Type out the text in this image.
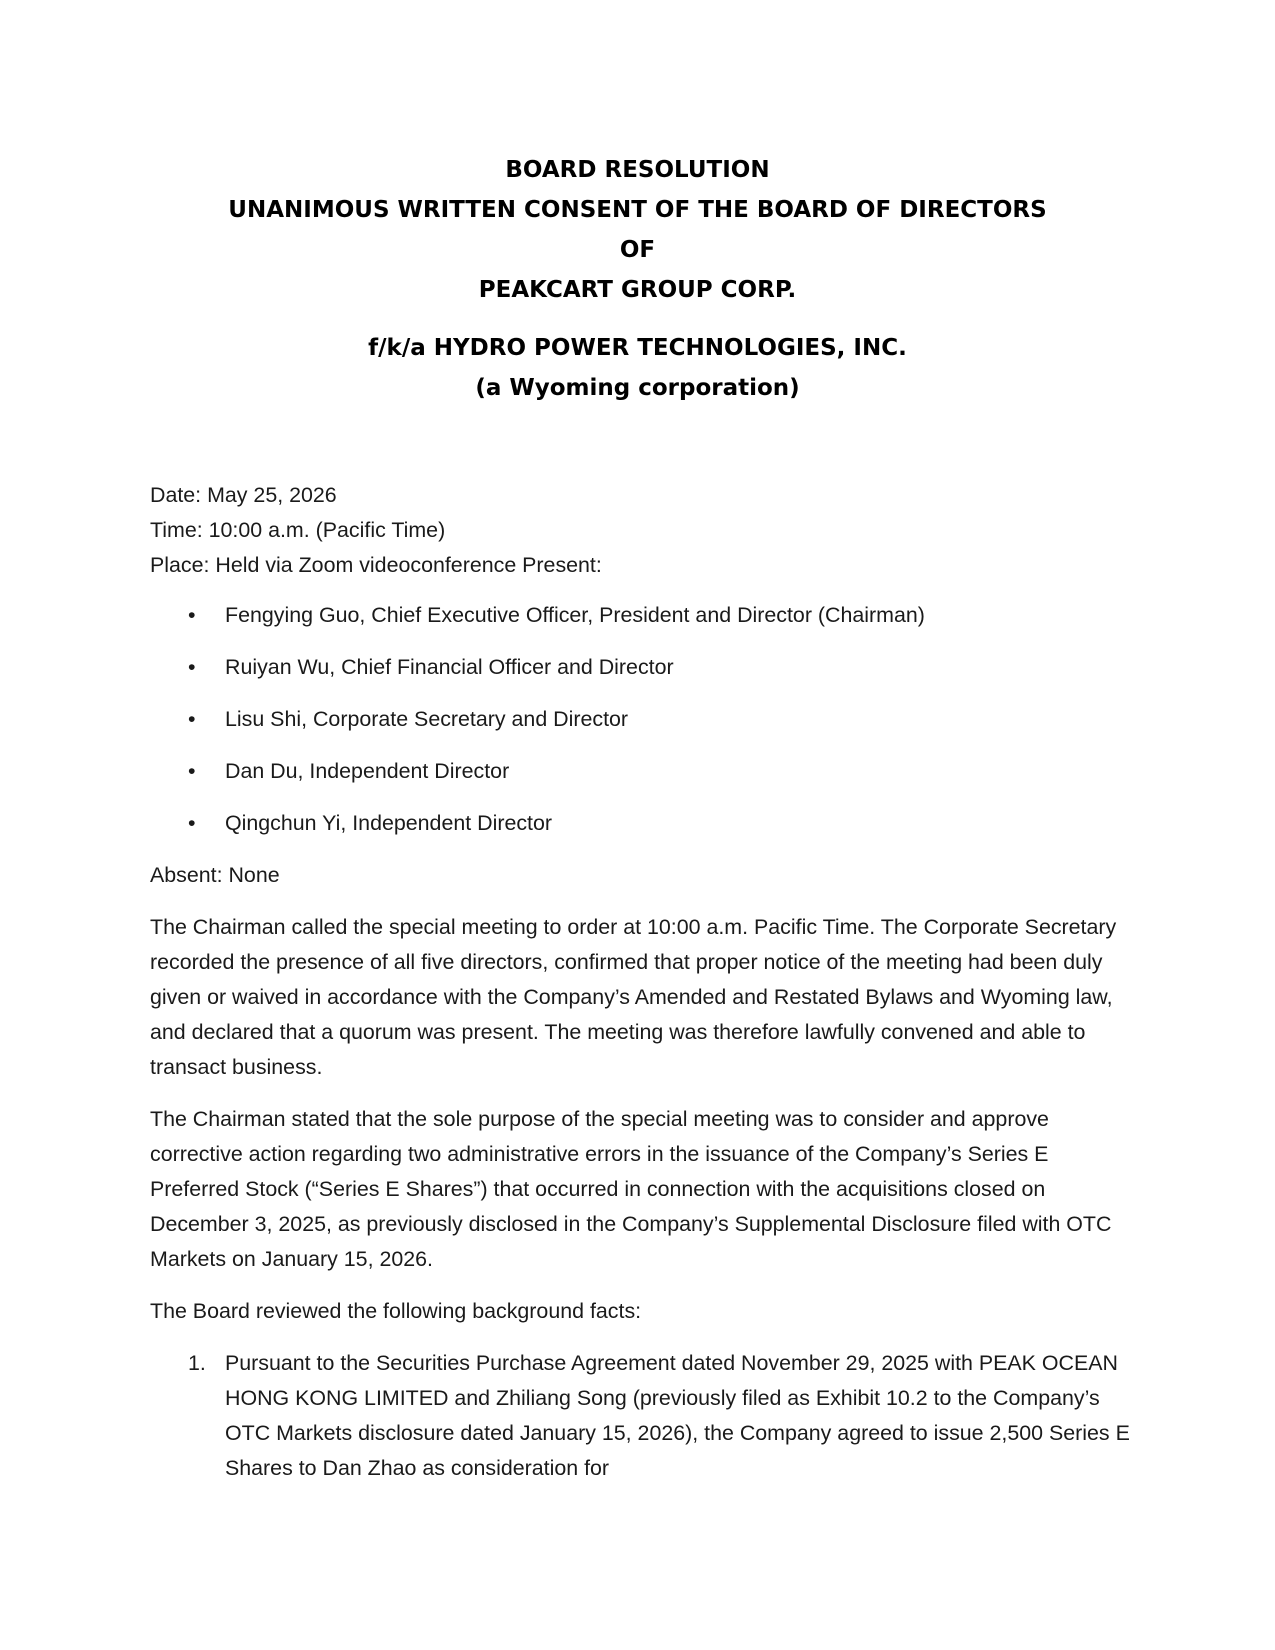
BOARD RESOLUTION
UNANIMOUS WRITTEN CONSENT OF THE BOARD OF DIRECTORS
OF
PEAKCART GROUP CORP.
f/k/a HYDRO POWER TECHNOLOGIES, INC.
(a Wyoming corporation)
Date: May 25, 2026
Time: 10:00 a.m. (Pacific Time)
Place: Held via Zoom videoconference Present:
• Fengying Guo, Chief Executive Officer, President and Director (Chairman)
• Ruiyan Wu, Chief Financial Officer and Director
• Lisu Shi, Corporate Secretary and Director
• Dan Du, Independent Director
• Qingchun Yi, Independent Director
Absent: None

The Chairman called the special meeting to order at 10:00 a.m. Pacific Time. The Corporate Secretary recorded the presence of all five directors, confirmed that proper notice of the meeting had been duly given or waived in accordance with the Company’s Amended and Restated Bylaws and Wyoming law, and declared that a quorum was present. The meeting was therefore lawfully convened and able to transact business.

The Chairman stated that the sole purpose of the special meeting was to consider and approve corrective action regarding two administrative errors in the issuance of the Company’s Series E Preferred Stock (“Series E Shares”) that occurred in connection with the acquisitions closed on December 3, 2025, as previously disclosed in the Company’s Supplemental Disclosure filed with OTC Markets on January 15, 2026.

The Board reviewed the following background facts:

1. Pursuant to the Securities Purchase Agreement dated November 29, 2025 with PEAK OCEAN HONG KONG LIMITED and Zhiliang Song (previously filed as Exhibit 10.2 to the Company’s OTC Markets disclosure dated January 15, 2026), the Company agreed to issue 2,500 Series E Shares to Dan Zhao as consideration for
